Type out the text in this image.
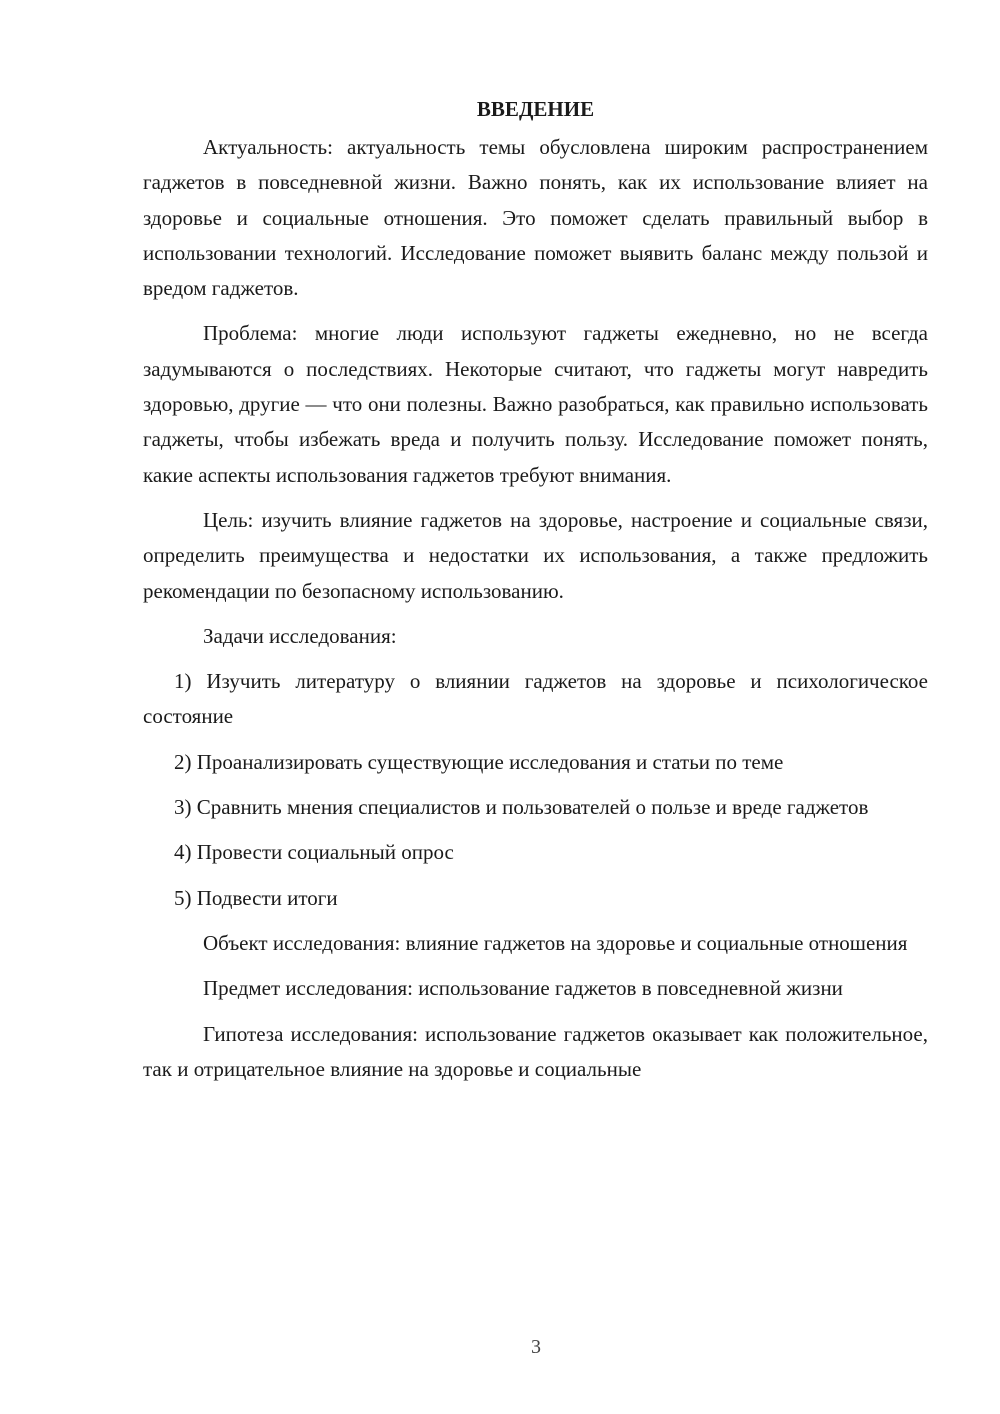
ВВЕДЕНИЕ

Актуальность: актуальность темы обусловлена широким распространением гаджетов в повседневной жизни. Важно понять, как их использование влияет на здоровье и социальные отношения. Это поможет сделать правильный выбор в использовании технологий. Исследование поможет выявить баланс между пользой и вредом гаджетов.

Проблема: многие люди используют гаджеты ежедневно, но не всегда задумываются о последствиях. Некоторые считают, что гаджеты могут навредить здоровью, другие — что они полезны. Важно разобраться, как правильно использовать гаджеты, чтобы избежать вреда и получить пользу. Исследование поможет понять, какие аспекты использования гаджетов требуют внимания.

Цель: изучить влияние гаджетов на здоровье, настроение и социальные связи, определить преимущества и недостатки их использования, а также предложить рекомендации по безопасному использованию.

Задачи исследования:

1) Изучить литературу о влиянии гаджетов на здоровье и психологическое состояние

2) Проанализировать существующие исследования и статьи по теме

3) Сравнить мнения специалистов и пользователей о пользе и вреде гаджетов

4) Провести социальный опрос

5) Подвести итоги

Объект исследования: влияние гаджетов на здоровье и социальные отношения

Предмет исследования: использование гаджетов в повседневной жизни

Гипотеза исследования: использование гаджетов оказывает как положительное, так и отрицательное влияние на здоровье и социальные

3
